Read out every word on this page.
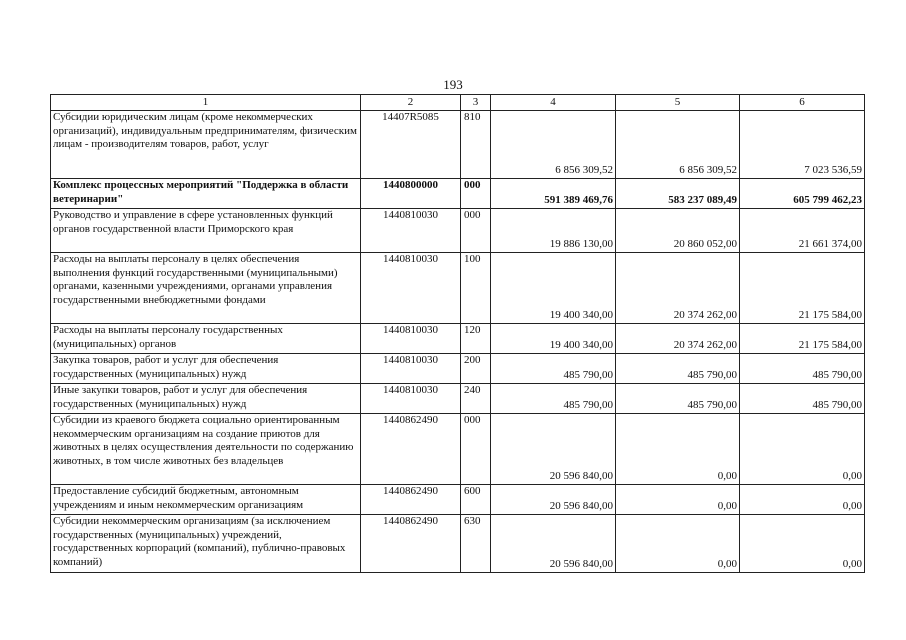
193
1	2	3	4	5	6
Субсидии юридическим лицам (кроме некоммерческих организаций), индивидуальным предпринимателям, физическим лицам - производителям товаров, работ, услуг	14407R5085	810	6 856 309,52	6 856 309,52	7 023 536,59
Комплекс процессных мероприятий "Поддержка в области ветеринарии"	1440800000	000	591 389 469,76	583 237 089,49	605 799 462,23
Руководство и управление в сфере установленных функций органов государственной власти Приморского края	1440810030	000	19 886 130,00	20 860 052,00	21 661 374,00
Расходы на выплаты персоналу в целях обеспечения выполнения функций государственными (муниципальными) органами, казенными учреждениями, органами управления государственными внебюджетными фондами	1440810030	100	19 400 340,00	20 374 262,00	21 175 584,00
Расходы на выплаты персоналу государственных (муниципальных) органов	1440810030	120	19 400 340,00	20 374 262,00	21 175 584,00
Закупка товаров, работ и услуг для обеспечения государственных (муниципальных) нужд	1440810030	200	485 790,00	485 790,00	485 790,00
Иные закупки товаров, работ и услуг для обеспечения государственных (муниципальных) нужд	1440810030	240	485 790,00	485 790,00	485 790,00
Субсидии из краевого бюджета социально ориентированным некоммерческим организациям на создание приютов для животных в целях осуществления деятельности по содержанию животных, в том числе животных без владельцев	1440862490	000	20 596 840,00	0,00	0,00
Предоставление субсидий бюджетным, автономным учреждениям и иным некоммерческим организациям	1440862490	600	20 596 840,00	0,00	0,00
Субсидии некоммерческим организациям (за исключением государственных (муниципальных) учреждений, государственных корпораций (компаний), публично-правовых компаний)	1440862490	630	20 596 840,00	0,00	0,00
